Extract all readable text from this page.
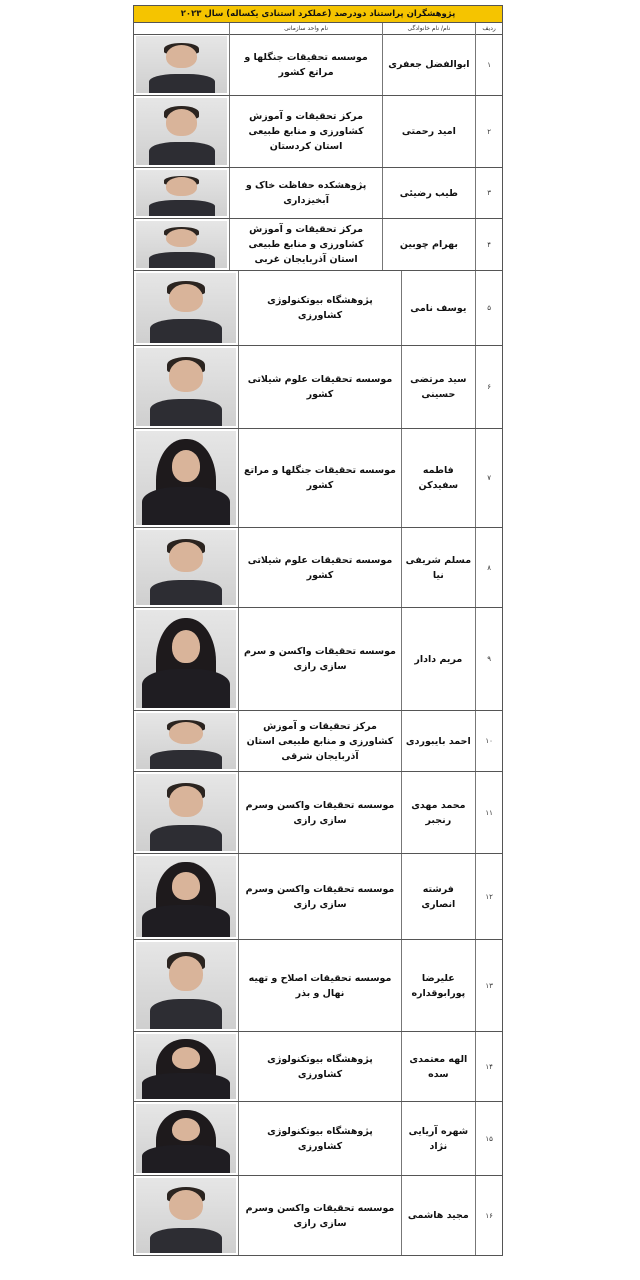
پژوهشگران پراستناد دودرصد (عملکرد استنادی یکساله) سال ۲۰۲۳
ردیف
نام/ نام خانوادگی
نام واحد سازمانی
۱
ابوالفضل جعفری
موسسه تحقیقات جنگلها و مراتع کشور
۲
امید رحمتی
مرکز تحقیقات و آموزش کشاورزی و منابع طبیعی استان کردستان
۳
طیب رضیئی
پژوهشکده حفاظت خاک و آبخیزداری
۴
بهرام چوبین
مرکز تحقیقات و آموزش کشاورزی و منابع طبیعی استان آذربایجان غربی
۵
یوسف نامی
پژوهشگاه بیوتکنولوژی کشاورزی
۶
سید مرتضی حسینی
موسسه تحقیقات علوم شیلاتی کشور
۷
فاطمه سفیدکن
موسسه تحقیقات جنگلها و مراتع کشور
۸
مسلم شریفی نیا
موسسه تحقیقات علوم شیلاتی کشور
۹
مریم دادار
موسسه تحقیقات واکسن و سرم سازی رازی
۱۰
احمد بایبوردی
مرکز تحقیقات و آموزش کشاورزی و منابع طبیعی استان آذربایجان شرقی
۱۱
محمد مهدی رنجبر
موسسه تحقیقات واکسن وسرم سازی رازی
۱۲
فرشته انصاری
موسسه تحقیقات واکسن وسرم سازی رازی
۱۳
علیرضا پورابوقداره
موسسه تحقیقات اصلاح و تهیه نهال و بذر
۱۴
الهه معتمدی سده
پژوهشگاه بیوتکنولوژی کشاورزی
۱۵
شهره آریایی نژاد
پژوهشگاه بیوتکنولوژی کشاورزی
۱۶
مجید هاشمی
موسسه تحقیقات واکسن وسرم سازی رازی
